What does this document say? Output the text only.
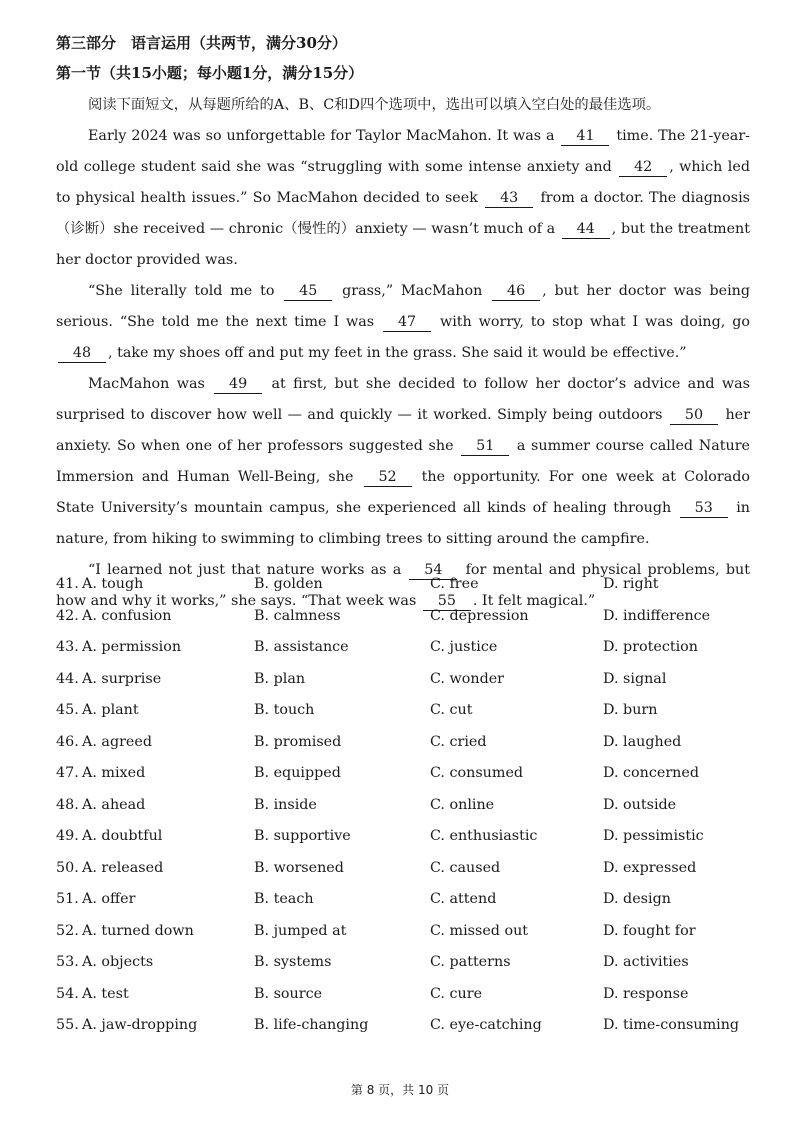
第三部分　语言运用（共两节，满分30分）
第一节（共15小题；每小题1分，满分15分）

阅读下面短文，从每题所给的A、B、C和D四个选项中，选出可以填入空白处的最佳选项。

Early 2024 was so unforgettable for Taylor MacMahon. It was a 41 time. The 21-year-old college student said she was “struggling with some intense anxiety and 42 , which led to physical health issues.” So MacMahon decided to seek 43 from a doctor. The diagnosis（诊断）she received — chronic（慢性的）anxiety — wasn’t much of a 44 , but the treatment her doctor provided was.

“She literally told me to 45 grass,” MacMahon 46 , but her doctor was being serious. “She told me the next time I was 47 with worry, to stop what I was doing, go 48 , take my shoes off and put my feet in the grass. She said it would be effective.”

MacMahon was 49 at first, but she decided to follow her doctor’s advice and was surprised to discover how well — and quickly — it worked. Simply being outdoors 50 her anxiety. So when one of her professors suggested she 51 a summer course called Nature Immersion and Human Well-Being, she 52 the opportunity. For one week at Colorado State University’s mountain campus, she experienced all kinds of healing through 53 in nature, from hiking to swimming to climbing trees to sitting around the campfire.

“I learned not just that nature works as a 54 for mental and physical problems, but how and why it works,” she says. “That week was 55 . It felt magical.”

41. A. tough	B. golden	C. free	D. right
42. A. confusion	B. calmness	C. depression	D. indifference
43. A. permission	B. assistance	C. justice	D. protection
44. A. surprise	B. plan	C. wonder	D. signal
45. A. plant	B. touch	C. cut	D. burn
46. A. agreed	B. promised	C. cried	D. laughed
47. A. mixed	B. equipped	C. consumed	D. concerned
48. A. ahead	B. inside	C. online	D. outside
49. A. doubtful	B. supportive	C. enthusiastic	D. pessimistic
50. A. released	B. worsened	C. caused	D. expressed
51. A. offer	B. teach	C. attend	D. design
52. A. turned down	B. jumped at	C. missed out	D. fought for
53. A. objects	B. systems	C. patterns	D. activities
54. A. test	B. source	C. cure	D. response
55. A. jaw-dropping	B. life-changing	C. eye-catching	D. time-consuming
第 8 页，共 10 页
